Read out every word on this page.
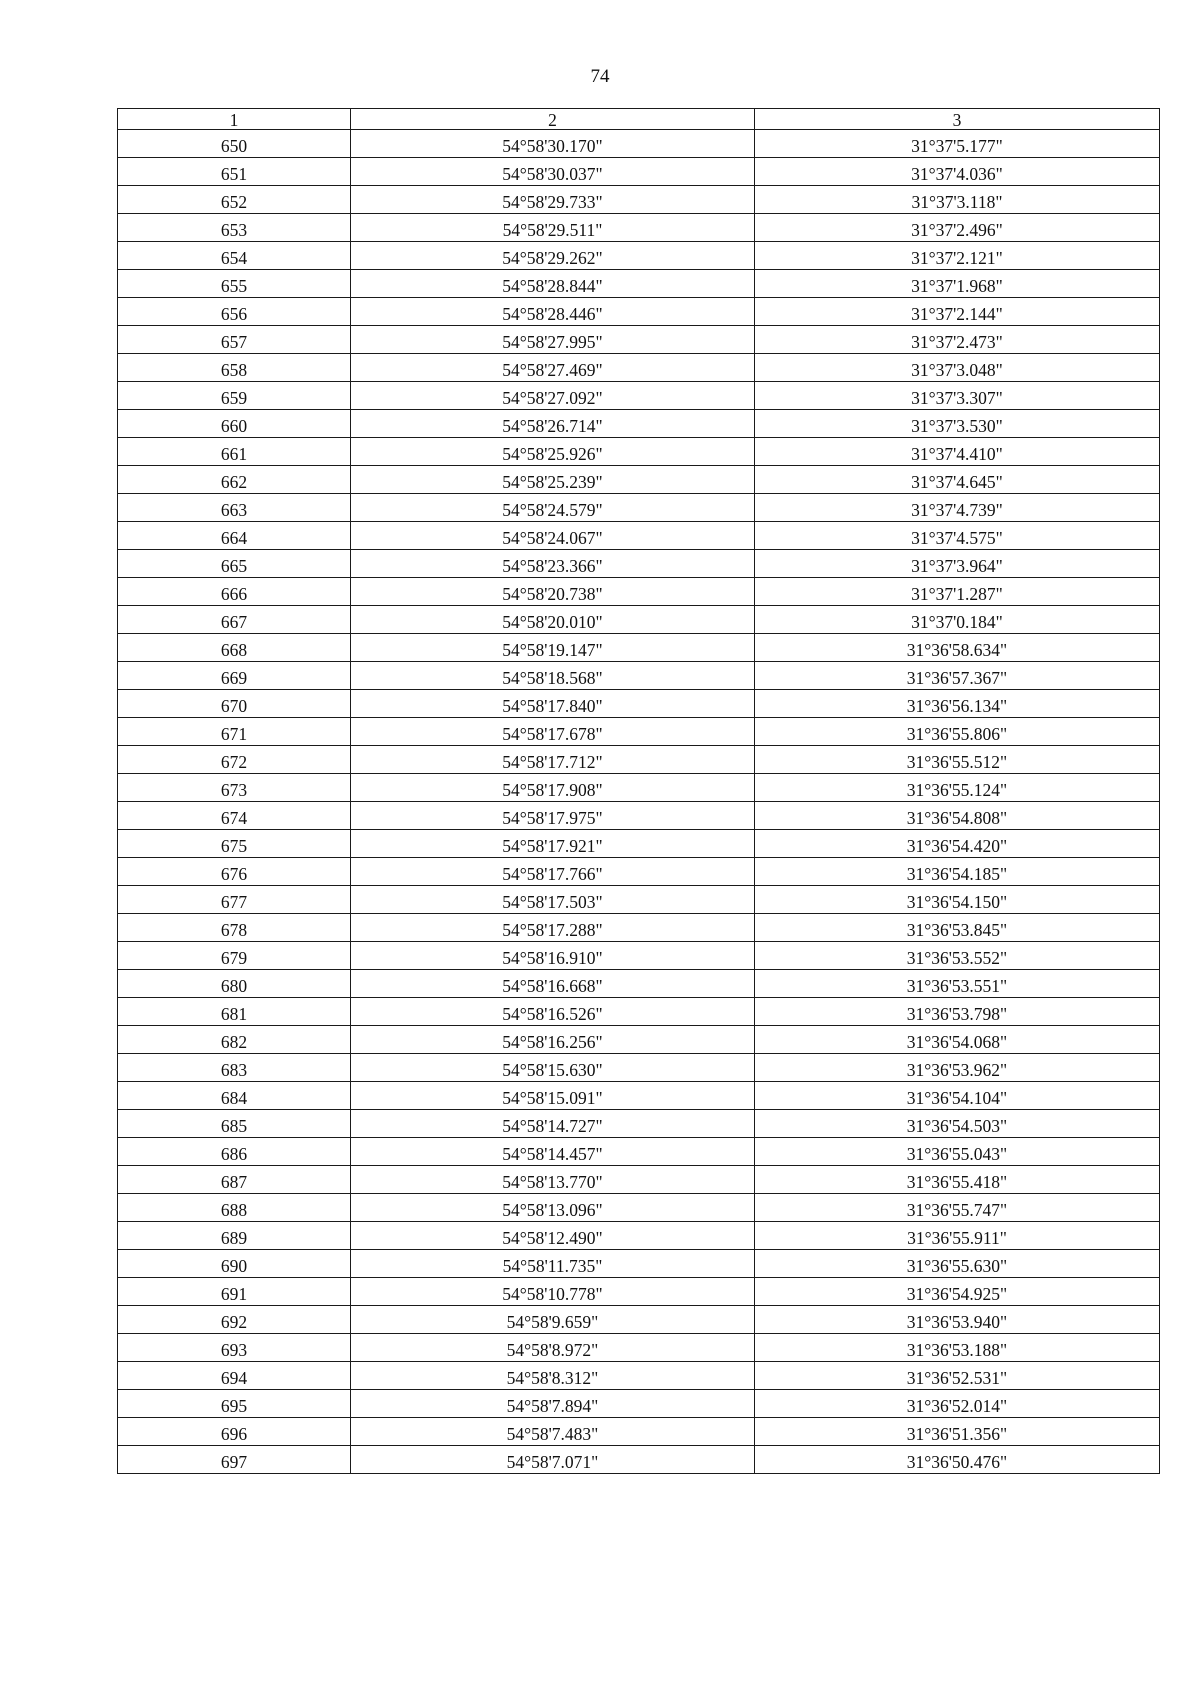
74
1	2	3
650	54°58'30.170"	31°37'5.177"
651	54°58'30.037"	31°37'4.036"
652	54°58'29.733"	31°37'3.118"
653	54°58'29.511"	31°37'2.496"
654	54°58'29.262"	31°37'2.121"
655	54°58'28.844"	31°37'1.968"
656	54°58'28.446"	31°37'2.144"
657	54°58'27.995"	31°37'2.473"
658	54°58'27.469"	31°37'3.048"
659	54°58'27.092"	31°37'3.307"
660	54°58'26.714"	31°37'3.530"
661	54°58'25.926"	31°37'4.410"
662	54°58'25.239"	31°37'4.645"
663	54°58'24.579"	31°37'4.739"
664	54°58'24.067"	31°37'4.575"
665	54°58'23.366"	31°37'3.964"
666	54°58'20.738"	31°37'1.287"
667	54°58'20.010"	31°37'0.184"
668	54°58'19.147"	31°36'58.634"
669	54°58'18.568"	31°36'57.367"
670	54°58'17.840"	31°36'56.134"
671	54°58'17.678"	31°36'55.806"
672	54°58'17.712"	31°36'55.512"
673	54°58'17.908"	31°36'55.124"
674	54°58'17.975"	31°36'54.808"
675	54°58'17.921"	31°36'54.420"
676	54°58'17.766"	31°36'54.185"
677	54°58'17.503"	31°36'54.150"
678	54°58'17.288"	31°36'53.845"
679	54°58'16.910"	31°36'53.552"
680	54°58'16.668"	31°36'53.551"
681	54°58'16.526"	31°36'53.798"
682	54°58'16.256"	31°36'54.068"
683	54°58'15.630"	31°36'53.962"
684	54°58'15.091"	31°36'54.104"
685	54°58'14.727"	31°36'54.503"
686	54°58'14.457"	31°36'55.043"
687	54°58'13.770"	31°36'55.418"
688	54°58'13.096"	31°36'55.747"
689	54°58'12.490"	31°36'55.911"
690	54°58'11.735"	31°36'55.630"
691	54°58'10.778"	31°36'54.925"
692	54°58'9.659"	31°36'53.940"
693	54°58'8.972"	31°36'53.188"
694	54°58'8.312"	31°36'52.531"
695	54°58'7.894"	31°36'52.014"
696	54°58'7.483"	31°36'51.356"
697	54°58'7.071"	31°36'50.476"
